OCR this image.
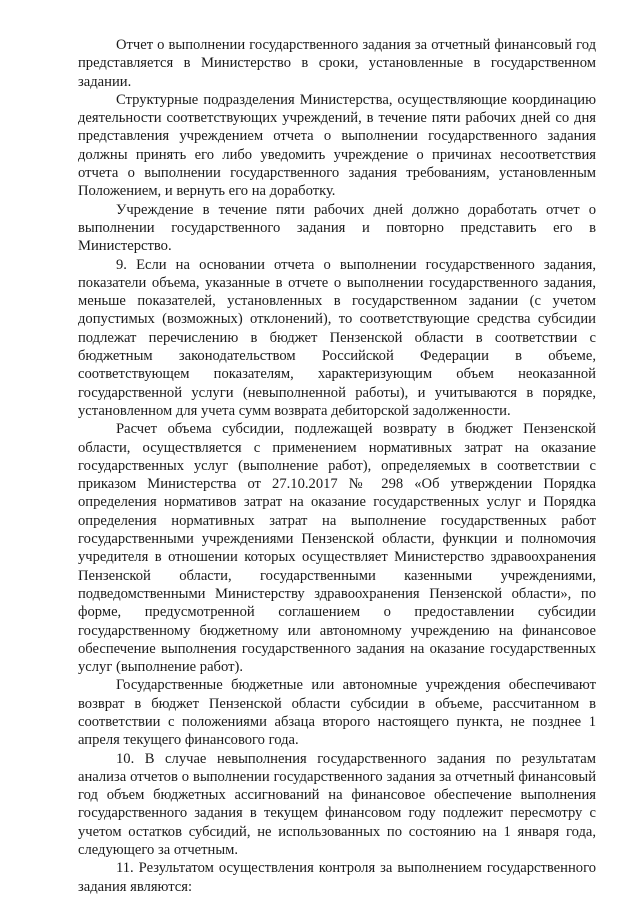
Отчет о выполнении государственного задания за отчетный финансовый год представляется в Министерство в сроки, установленные в государственном задании.

Структурные подразделения Министерства, осуществляющие координацию деятельности соответствующих учреждений, в течение пяти рабочих дней со дня представления учреждением отчета о выполнении государственного задания должны принять его либо уведомить учреждение о причинах несоответствия отчета о выполнении государственного задания требованиям, установленным Положением, и вернуть его на доработку.

Учреждение в течение пяти рабочих дней должно доработать отчет о выполнении государственного задания и повторно представить его в Министерство.

9. Если на основании отчета о выполнении государственного задания, показатели объема, указанные в отчете о выполнении государственного задания, меньше показателей, установленных в государственном задании (с учетом допустимых (возможных) отклонений), то соответствующие средства субсидии подлежат перечислению в бюджет Пензенской области в соответствии с бюджетным законодательством Российской Федерации в объеме, соответствующем показателям, характеризующим объем неоказанной государственной услуги (невыполненной работы), и учитываются в порядке, установленном для учета сумм возврата дебиторской задолженности.

Расчет объема субсидии, подлежащей возврату в бюджет Пензенской области, осуществляется с применением нормативных затрат на оказание государственных услуг (выполнение работ), определяемых в соответствии с приказом Министерства от 27.10.2017 № 298 «Об утверждении Порядка определения нормативов затрат на оказание государственных услуг и Порядка определения нормативных затрат на выполнение государственных работ государственными учреждениями Пензенской области, функции и полномочия учредителя в отношении которых осуществляет Министерство здравоохранения Пензенской области, государственными казенными учреждениями, подведомственными Министерству здравоохранения Пензенской области», по форме, предусмотренной соглашением о предоставлении субсидии государственному бюджетному или автономному учреждению на финансовое обеспечение выполнения государственного задания на оказание государственных услуг (выполнение работ).

Государственные бюджетные или автономные учреждения обеспечивают возврат в бюджет Пензенской области субсидии в объеме, рассчитанном в соответствии с положениями абзаца второго настоящего пункта, не позднее 1 апреля текущего финансового года.

10. В случае невыполнения государственного задания по результатам анализа отчетов о выполнении государственного задания за отчетный финансовый год объем бюджетных ассигнований на финансовое обеспечение выполнения государственного задания в текущем финансовом году подлежит пересмотру с учетом остатков субсидий, не использованных по состоянию на 1 января года, следующего за отчетным.

11. Результатом осуществления контроля за выполнением государственного задания являются:
